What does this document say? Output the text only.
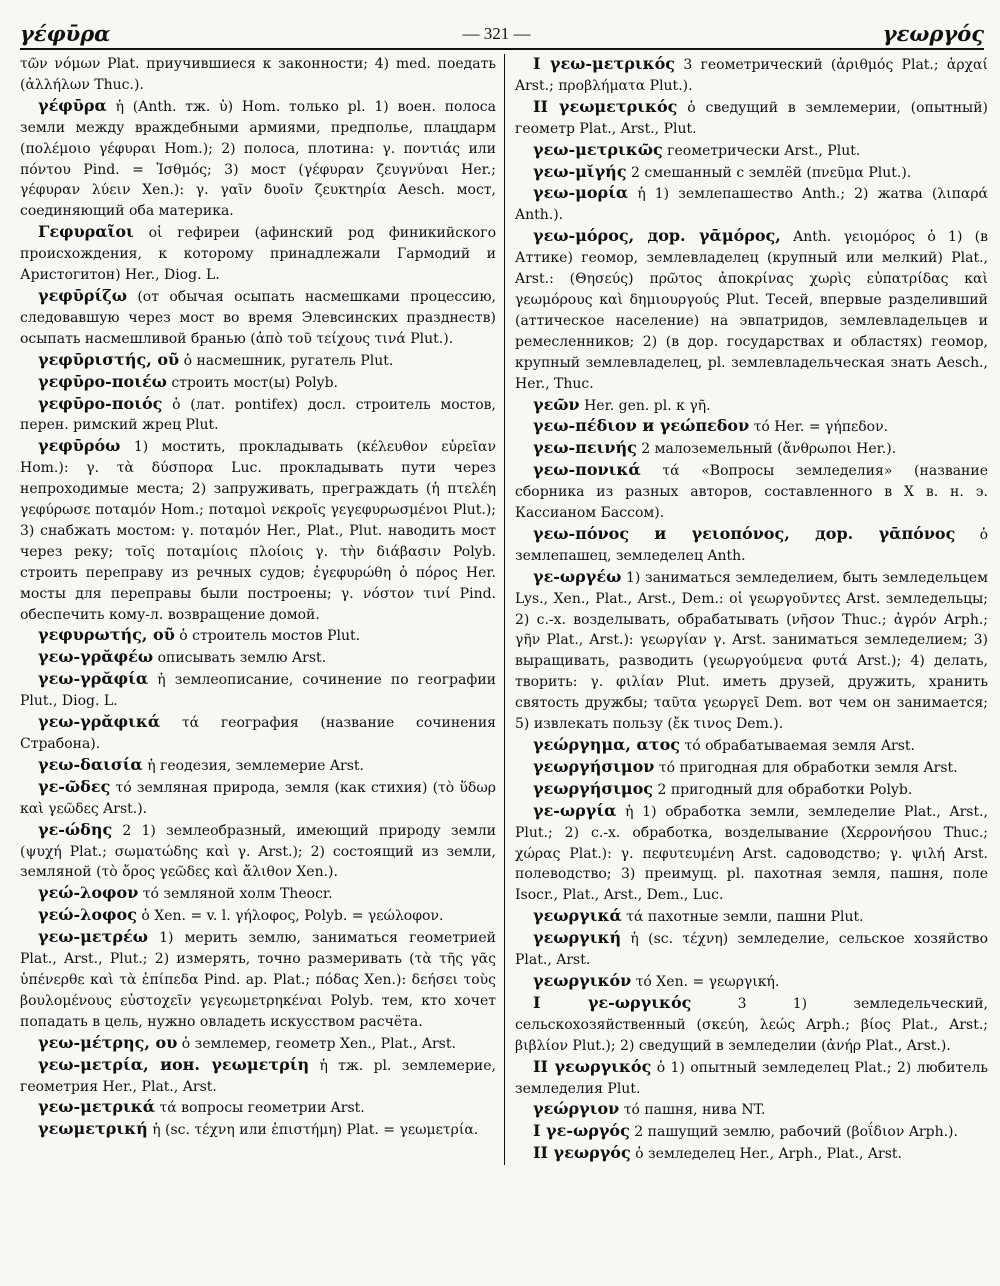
γέφῡρα	— 321 —	γεωργός

τῶν νόμων Plat. приучившиеся к законности; 4) med. поедать (ἀλλήλων Thuc.).

γέφῡρα ἡ (Anth. тж. ὑ) Hom. только pl. 1) воен. полоса земли между враждебными армиями, предполье, плацдарм (πολέμοιο γέφυραι Hom.); 2) полоса, плотина: γ. ποντιάς или πόντου Pind. = Ἰσθμός; 3) мост (γέφυραν ζευγνύναι Her.; γέφυραν λύειν Xen.): γ. γαῖν δυοῖν ζευκτηρία Aesch. мост, соединяющий оба материка.

Γεφυραῖοι οἱ гефиреи (афинский род финикийского происхождения, к которому принадлежали Гармодий и Аристогитон) Her., Diog. L.

γεφῡρίζω (от обычая осыпать насмешками процессию, следовавшую через мост во время Элевсинских празднеств) осыпать насмешливой бранью (ἀπὸ τοῦ τείχους τινά Plut.).

γεφῡριστής, οῦ ὁ насмешник, ругатель Plut.

γεφῡρο-ποιέω строить мост(ы) Polyb.

γεφῡρο-ποιός ὁ (лат. pontifex) досл. строитель мостов, перен. римский жрец Plut.

γεφῡρόω 1) мостить, прокладывать (κέλευθον εὐρεῖαν Hom.): γ. τὰ δύσπορα Luc. прокладывать пути через непроходимые места; 2) запруживать, преграждать (ἡ πτελέη γεφύρωσε ποταμόν Hom.; ποταμοὶ νεκροῖς γεγεφυρωσμένοι Plut.); 3) снабжать мостом: γ. ποταμόν Her., Plat., Plut. наводить мост через реку; τοῖς ποταμίοις πλοίοις γ. τὴν διάβασιν Polyb. строить переправу из речных судов; ἐγεφυρώθη ὁ πόρος Her. мосты для переправы были построены; γ. νόστον τινί Pind. обеспечить кому-л. возвращение домой.

γεφυρωτής, οῦ ὁ строитель мостов Plut.

γεω-γρᾰφέω описывать землю Arst.

γεω-γρᾰφία ἡ землеописание, сочинение по географии Plut., Diog. L.

γεω-γρᾰφικά τά география (название сочинения Страбона).

γεω-δαισία ἡ геодезия, землемерие Arst.

γε-ῶδες τό земляная природа, земля (как стихия) (τὸ ὕδωρ καὶ γεῶδες Arst.).

γε-ώδης 2 1) землеобразный, имеющий природу земли (ψυχή Plat.; σωματώδης καὶ γ. Arst.); 2) состоящий из земли, земляной (τὸ ὄρος γεῶδες καὶ ἄλιθον Xen.).

γεώ-λοφον τό земляной холм Theocr.

γεώ-λοφος ὁ Xen. = v. l. γήλοφος, Polyb. = γεώλοφον.

γεω-μετρέω 1) мерить землю, заниматься геометрией Plat., Arst., Plut.; 2) измерять, точно размеривать (τὰ τῆς γᾶς ὑπένερθε καὶ τὰ ἐπίπεδα Pind. ap. Plat.; πόδας Xen.): δεήσει τοὺς βουλομένους εὐστοχεῖν γεγεωμετρηκέναι Polyb. тем, кто хочет попадать в цель, нужно овладеть искусством расчёта.

γεω-μέτρης, ου ὁ землемер, геометр Xen., Plat., Arst.

γεω-μετρία, ион. γεωμετρίη ἡ тж. pl. землемерие, геометрия Her., Plat., Arst.

γεω-μετρικά τά вопросы геометрии Arst.

γεωμετρική ἡ (sc. τέχνη или ἐπιστήμη) Plat. = γεωμετρία.

I γεω-μετρικός 3 геометрический (ἀριθμός Plat.; ἀρχαί Arst.; προβλήματα Plut.).

II γεωμετρικός ὁ сведущий в землемерии, (опытный) геометр Plat., Arst., Plut.

γεω-μετρικῶς геометрически Arst., Plut.

γεω-μῐγής 2 смешанный с землёй (πνεῦμα Plut.).

γεω-μορία ἡ 1) землепашество Anth.; 2) жатва (λιπαρά Anth.).

γεω-μόρος, дор. γᾱμόρος, Anth. γειομόρος ὁ 1) (в Аттике) геомор, землевладелец (крупный или мелкий) Plat., Arst.: (Θησεύς) πρῶτος ἀποκρίνας χωρὶς εὐπατρίδας καὶ γεωμόρους καὶ δημιουργούς Plut. Тесей, впервые разделивший (аттическое население) на эвпатридов, землевладельцев и ремесленников; 2) (в дор. государствах и областях) геомор, крупный землевладелец, pl. землевладельческая знать Aesch., Her., Thuc.

γεῶν Her. gen. pl. к γῆ.

γεω-πέδιον и γεώπεδον τό Her. = γήπεδον.

γεω-πεινής 2 малоземельный (ἄνθρωποι Her.).

γεω-πονικά τά «Вопросы земледелия» (название сборника из разных авторов, составленного в X в. н. э. Кассианом Бассом).

γεω-πόνος и γειοπόνος, дор. γᾱπόνος ὁ землепашец, земледелец Anth.

γε-ωργέω 1) заниматься земледелием, быть земледельцем Lys., Xen., Plat., Arst., Dem.: οἱ γεωργοῦντες Arst. земледельцы; 2) с.-х. возделывать, обрабатывать (νῆσον Thuc.; ἀγρόν Arph.; γῆν Plat., Arst.): γεωργίαν γ. Arst. заниматься земледелием; 3) выращивать, разводить (γεωργούμενα φυτά Arst.); 4) делать, творить: γ. φιλίαν Plut. иметь друзей, дружить, хранить святость дружбы; ταῦτα γεωργεῖ Dem. вот чем он занимается; 5) извлекать пользу (ἔκ τινος Dem.).

γεώργημα, ατος τό обрабатываемая земля Arst.

γεωργήσιμον τό пригодная для обработки земля Arst.

γεωργήσιμος 2 пригодный для обработки Polyb.

γε-ωργία ἡ 1) обработка земли, земледелие Plat., Arst., Plut.; 2) с.-х. обработка, возделывание (Χερρονήσου Thuc.; χώρας Plat.): γ. πεφυτευμένη Arst. садоводство; γ. ψιλή Arst. полеводство; 3) преимущ. pl. пахотная земля, пашня, поле Isocr., Plat., Arst., Dem., Luc.

γεωργικά τά пахотные земли, пашни Plut.

γεωργική ἡ (sc. τέχνη) земледелие, сельское хозяйство Plat., Arst.

γεωργικόν τό Xen. = γεωργική.

I γε-ωργικός	3 1) земледельческий, сельскохозяйственный (σκεύη, λεώς Arph.; βίος Plat., Arst.; βιβλίον Plut.); 2) сведущий в земледелии (ἀνήρ Plat., Arst.).

II γεωργικός ὁ 1) опытный земледелец Plat.; 2) любитель земледелия Plut.

γεώργιον τό пашня, нива NT.

I γε-ωργός 2 пашущий землю, рабочий (βοΐδιον Arph.).

II γεωργός ὁ земледелец Her., Arph., Plat., Arst.
